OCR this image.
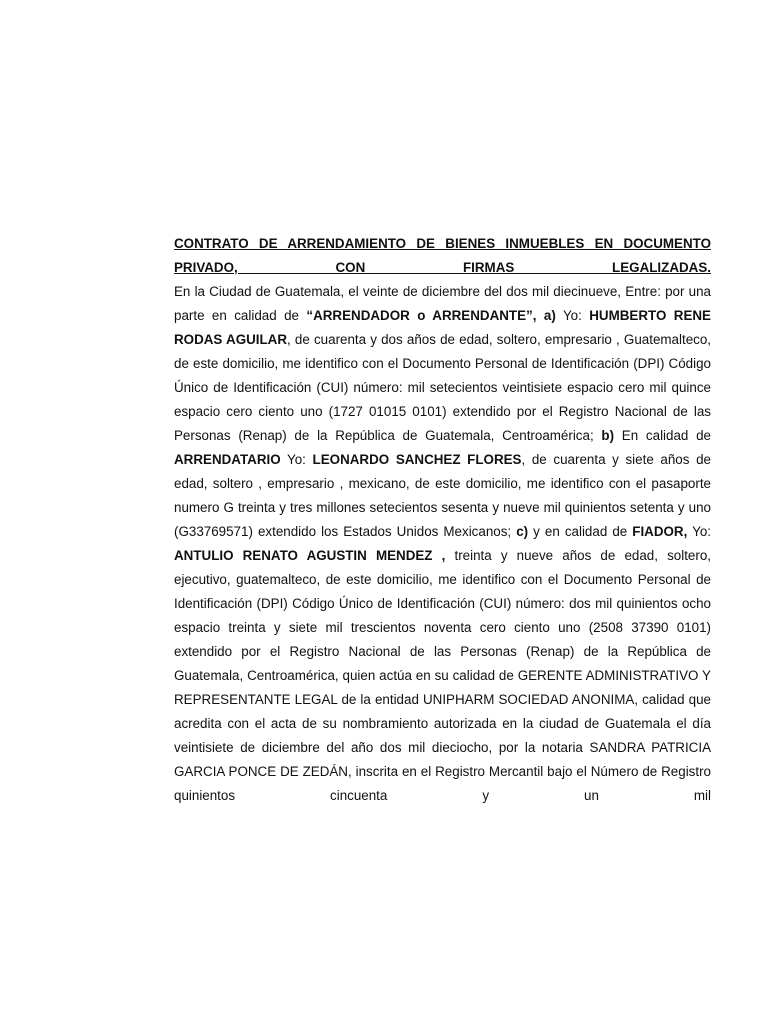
CONTRATO DE ARRENDAMIENTO DE BIENES INMUEBLES EN DOCUMENTO PRIVADO, CON FIRMAS LEGALIZADAS.

En la Ciudad de Guatemala, el veinte de diciembre del dos mil diecinueve, Entre: por una parte en calidad de “ARRENDADOR o ARRENDANTE”, a) Yo: HUMBERTO RENE RODAS AGUILAR, de cuarenta y dos años de edad, soltero, empresario , Guatemalteco, de este domicilio, me identifico con el Documento Personal de Identificación (DPI) Código Único de Identificación (CUI) número: mil setecientos veintisiete espacio cero mil quince espacio cero ciento uno (1727 01015 0101) extendido por el Registro Nacional de las Personas (Renap) de la República de Guatemala, Centroamérica; b) En calidad de ARRENDATARIO Yo: LEONARDO SANCHEZ FLORES, de cuarenta y siete años de edad, soltero , empresario , mexicano, de este domicilio, me identifico con el pasaporte numero G treinta y tres millones setecientos sesenta y nueve mil quinientos setenta y uno (G33769571) extendido los Estados Unidos Mexicanos; c) y en calidad de FIADOR, Yo: ANTULIO RENATO AGUSTIN MENDEZ , treinta y nueve años de edad, soltero, ejecutivo, guatemalteco, de este domicilio, me identifico con el Documento Personal de Identificación (DPI) Código Único de Identificación (CUI) número: dos mil quinientos ocho espacio treinta y siete mil trescientos noventa cero ciento uno (2508 37390 0101) extendido por el Registro Nacional de las Personas (Renap) de la República de Guatemala, Centroamérica, quien actúa en su calidad de GERENTE ADMINISTRATIVO Y REPRESENTANTE LEGAL de la entidad UNIPHARM SOCIEDAD ANONIMA, calidad que acredita con el acta de su nombramiento autorizada en la ciudad de Guatemala el día veintisiete de diciembre del año dos mil dieciocho, por la notaria SANDRA PATRICIA GARCIA PONCE DE ZEDÁN, inscrita en el Registro Mercantil bajo el Número de Registro quinientos cincuenta y un mil
